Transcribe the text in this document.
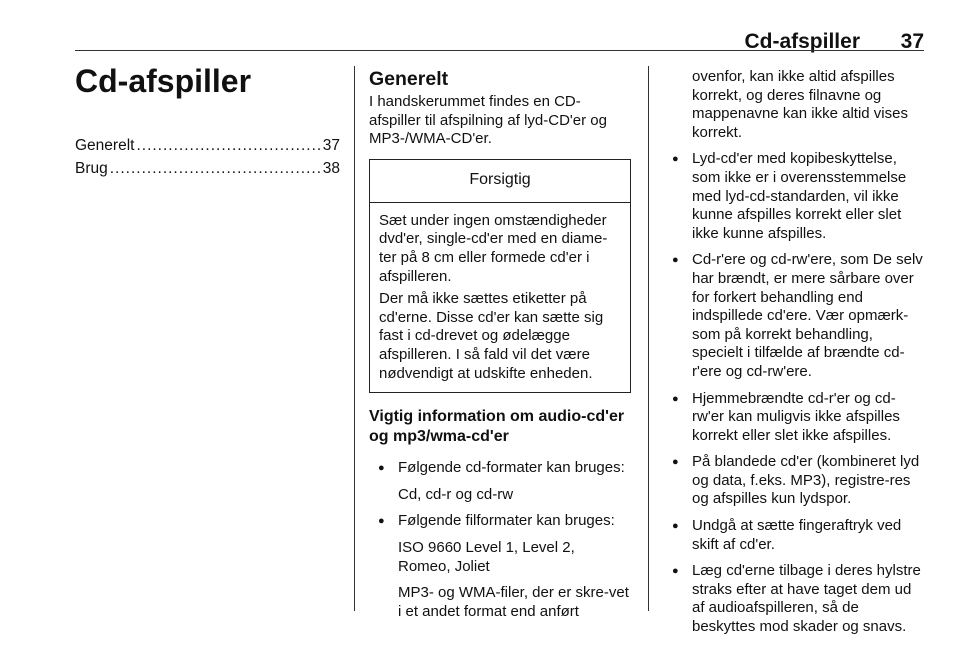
Cd-afspiller 37
Cd-afspiller
Generelt .....	37
Brug .....	38
Generelt

I handskerummet findes en CD-afspiller til afspilning af lyd-CD'er og MP3-/WMA-CD'er.

Forsigtig

Sæt under ingen omstændigheder dvd'er, single-cd'er med en diame-ter på 8 cm eller formede cd'er i afspilleren.

Der må ikke sættes etiketter på cd'erne. Disse cd'er kan sætte sig fast i cd-drevet og ødelægge afspilleren. I så fald vil det være nødvendigt at udskifte enheden.

Vigtig information om audio-cd'er og mp3/wma-cd'er

● Følgende cd-formater kan bruges:

Cd, cd-r og cd-rw

● Følgende filformater kan bruges:

ISO 9660 Level 1, Level 2, Romeo, Joliet

MP3- og WMA-filer, der er skre-vet i et andet format end anført

ovenfor, kan ikke altid afspilles korrekt, og deres filnavne og mappenavne kan ikke altid vises korrekt.

● Lyd-cd'er med kopibeskyttelse, som ikke er i overensstemmelse med lyd-cd-standarden, vil ikke kunne afspilles korrekt eller slet ikke kunne afspilles.
● Cd-r'ere og cd-rw'ere, som De selv har brændt, er mere sårbare over for forkert behandling end indspillede cd'ere. Vær opmærk-som på korrekt behandling, specielt i tilfælde af brændte cd-r'ere og cd-rw'ere.
● Hjemmebrændte cd-r'er og cd-rw'er kan muligvis ikke afspilles korrekt eller slet ikke afspilles.
● På blandede cd'er (kombineret lyd og data, f.eks. MP3), registre-res og afspilles kun lydspor.
● Undgå at sætte fingeraftryk ved skift af cd'er.
● Læg cd'erne tilbage i deres hylstre straks efter at have taget dem ud af audioafspilleren, så de beskyttes mod skader og snavs.
